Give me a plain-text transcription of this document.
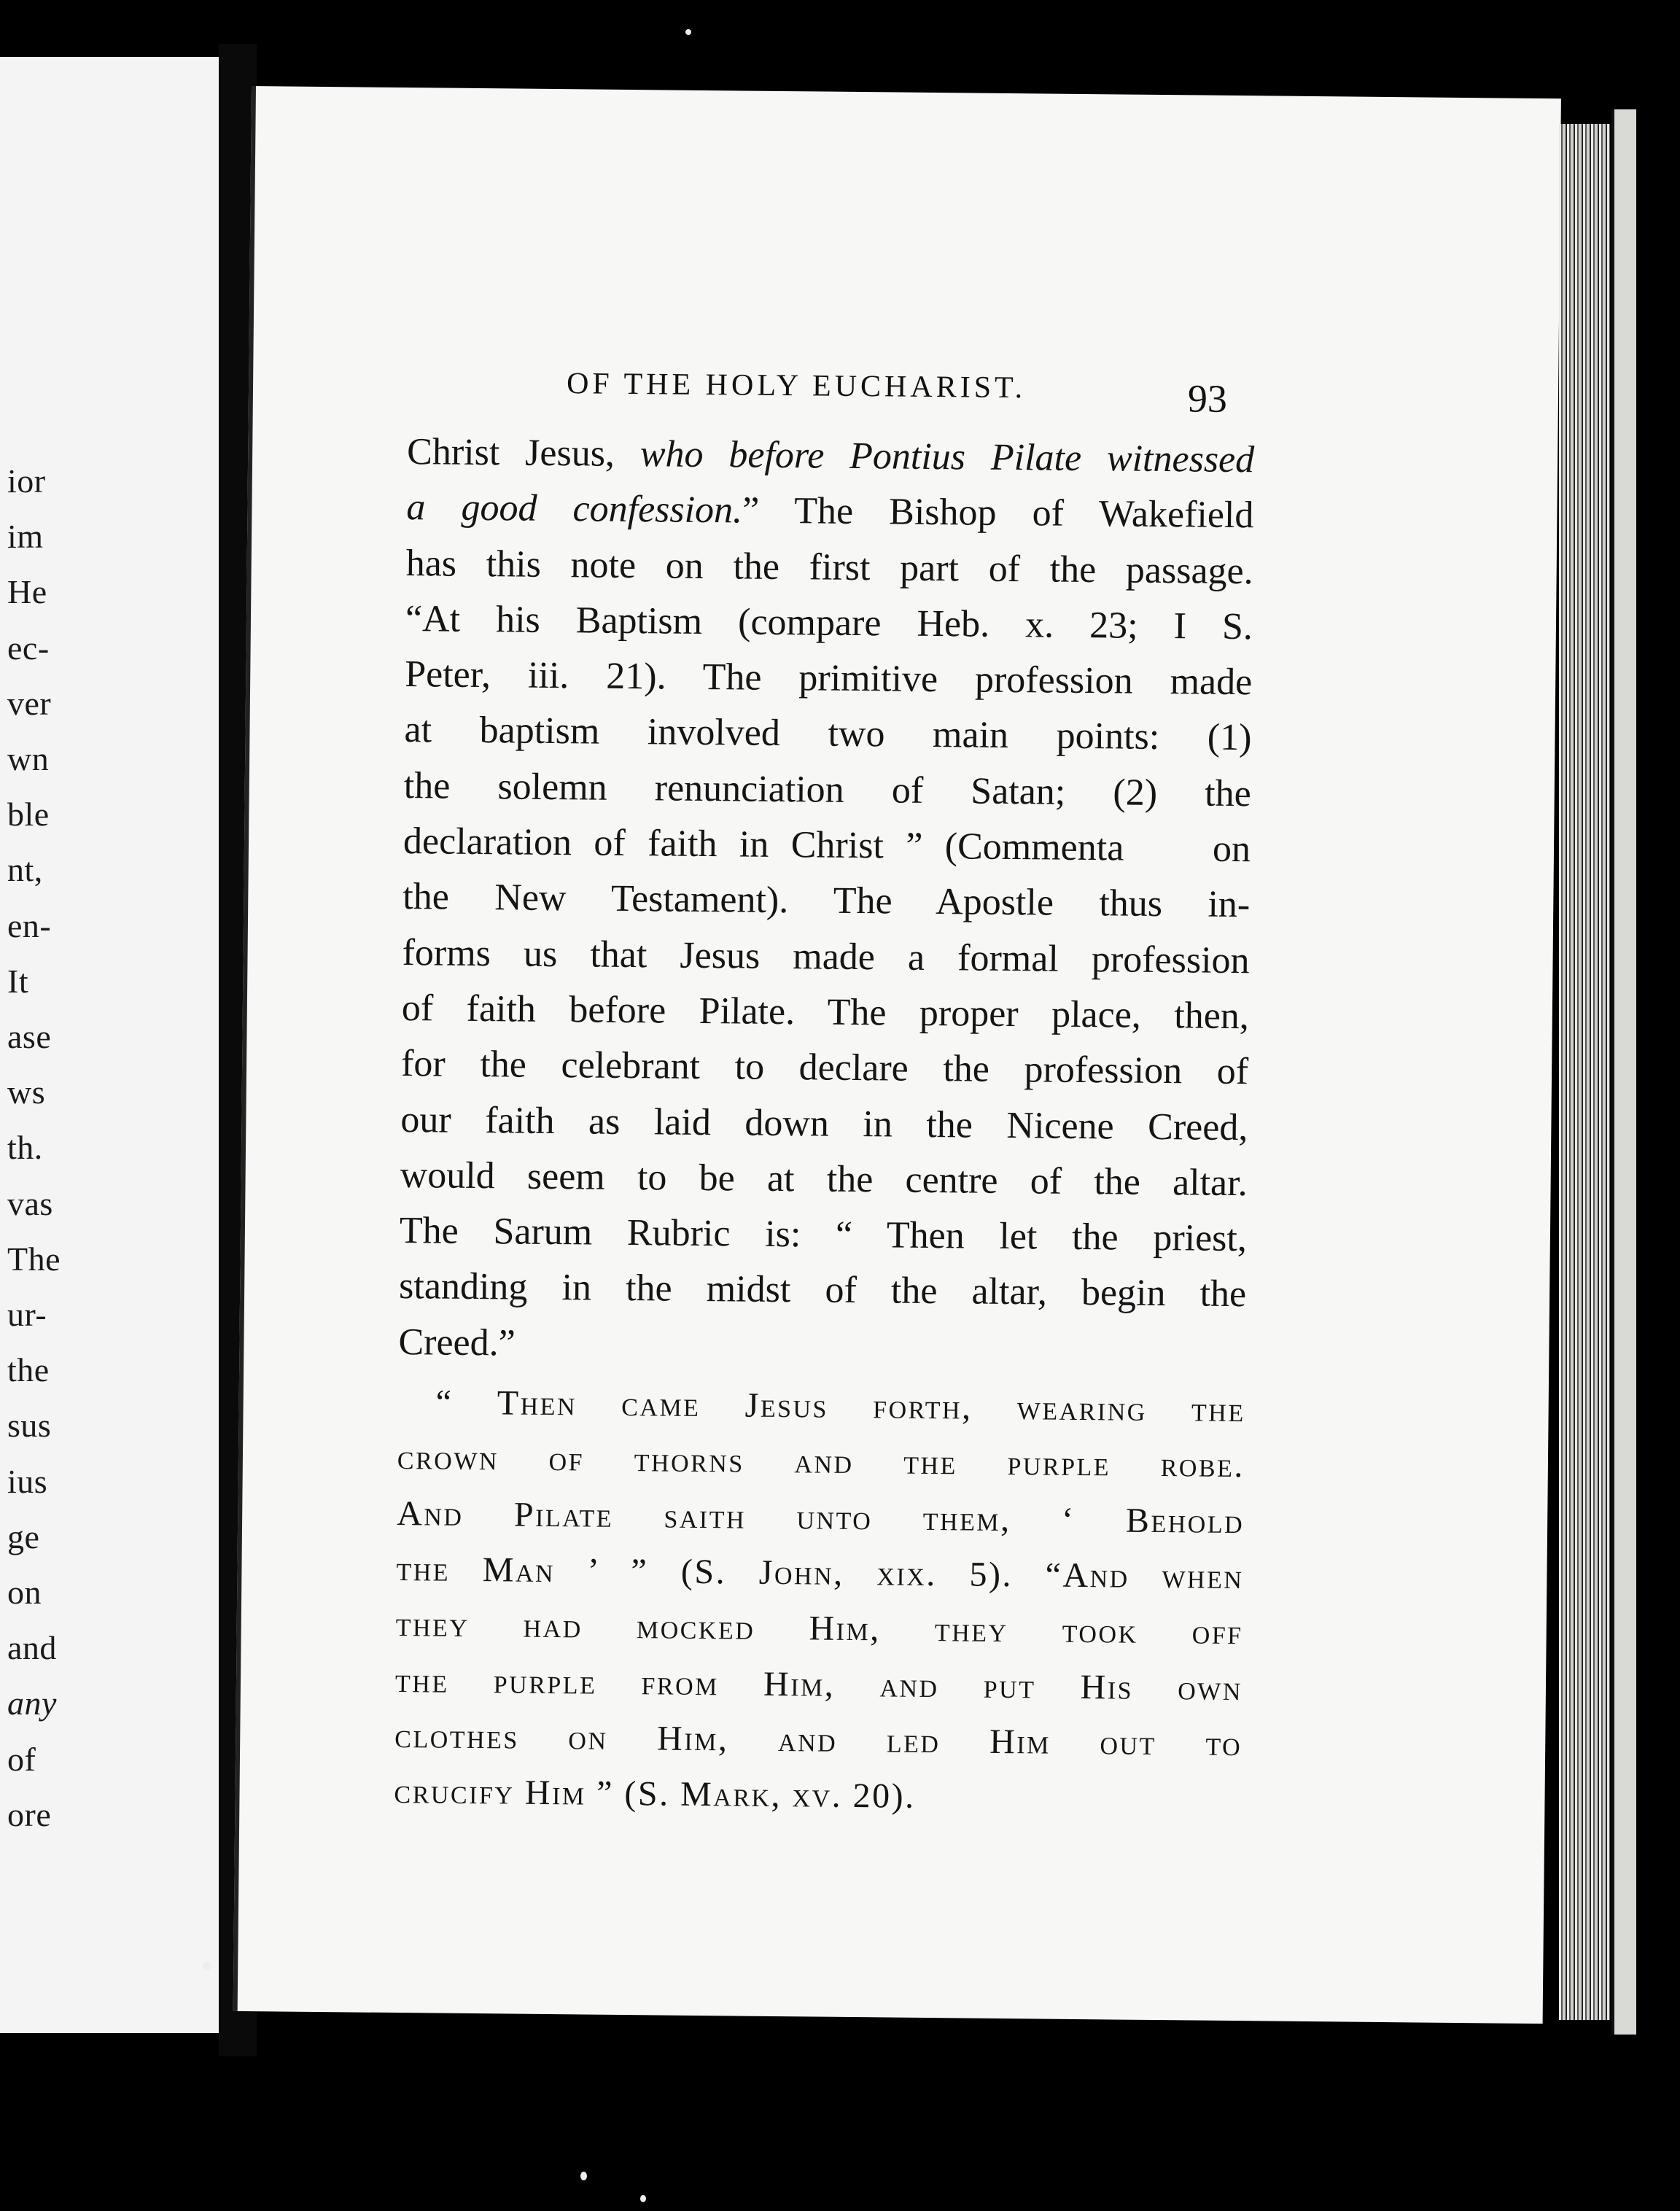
ior
im
He
ec-
ver
wn
ble
nt,
en-
It
ase
ws
th.
vas
The
ur-
the
sus
ius
ge
on
and
any
of
ore
OF THE HOLY EUCHARIST.	93
Christ Jesus, who before Pontius Pilate witnessed
a good confession.” The Bishop of Wakefield
has this note on the first part of the passage.
“At his Baptism (compare Heb. x. 23; I S.
Peter, iii. 21). The primitive profession made
at baptism involved two main points: (1)
the solemn renunciation of Satan; (2) the
declaration of faith in Christ ” (Commenta    on
the New Testament). The Apostle thus in-
forms us that Jesus made a formal profession
of faith before Pilate. The proper place, then,
for the celebrant to declare the profession of
our faith as laid down in the Nicene Creed,
would seem to be at the centre of the altar.
The Sarum Rubric is: “ Then let the priest,
standing in the midst of the altar, begin the
Creed.”
“ Then came Jesus forth, wearing the
crown of thorns and the purple robe.
And Pilate saith unto them, ‘ Behold
the Man ’ ” (S. John, xix. 5). “And when
they had mocked Him, they took off
the purple from Him, and put His own
clothes on Him, and led Him out to
crucify Him ” (S. Mark, xv. 20).
